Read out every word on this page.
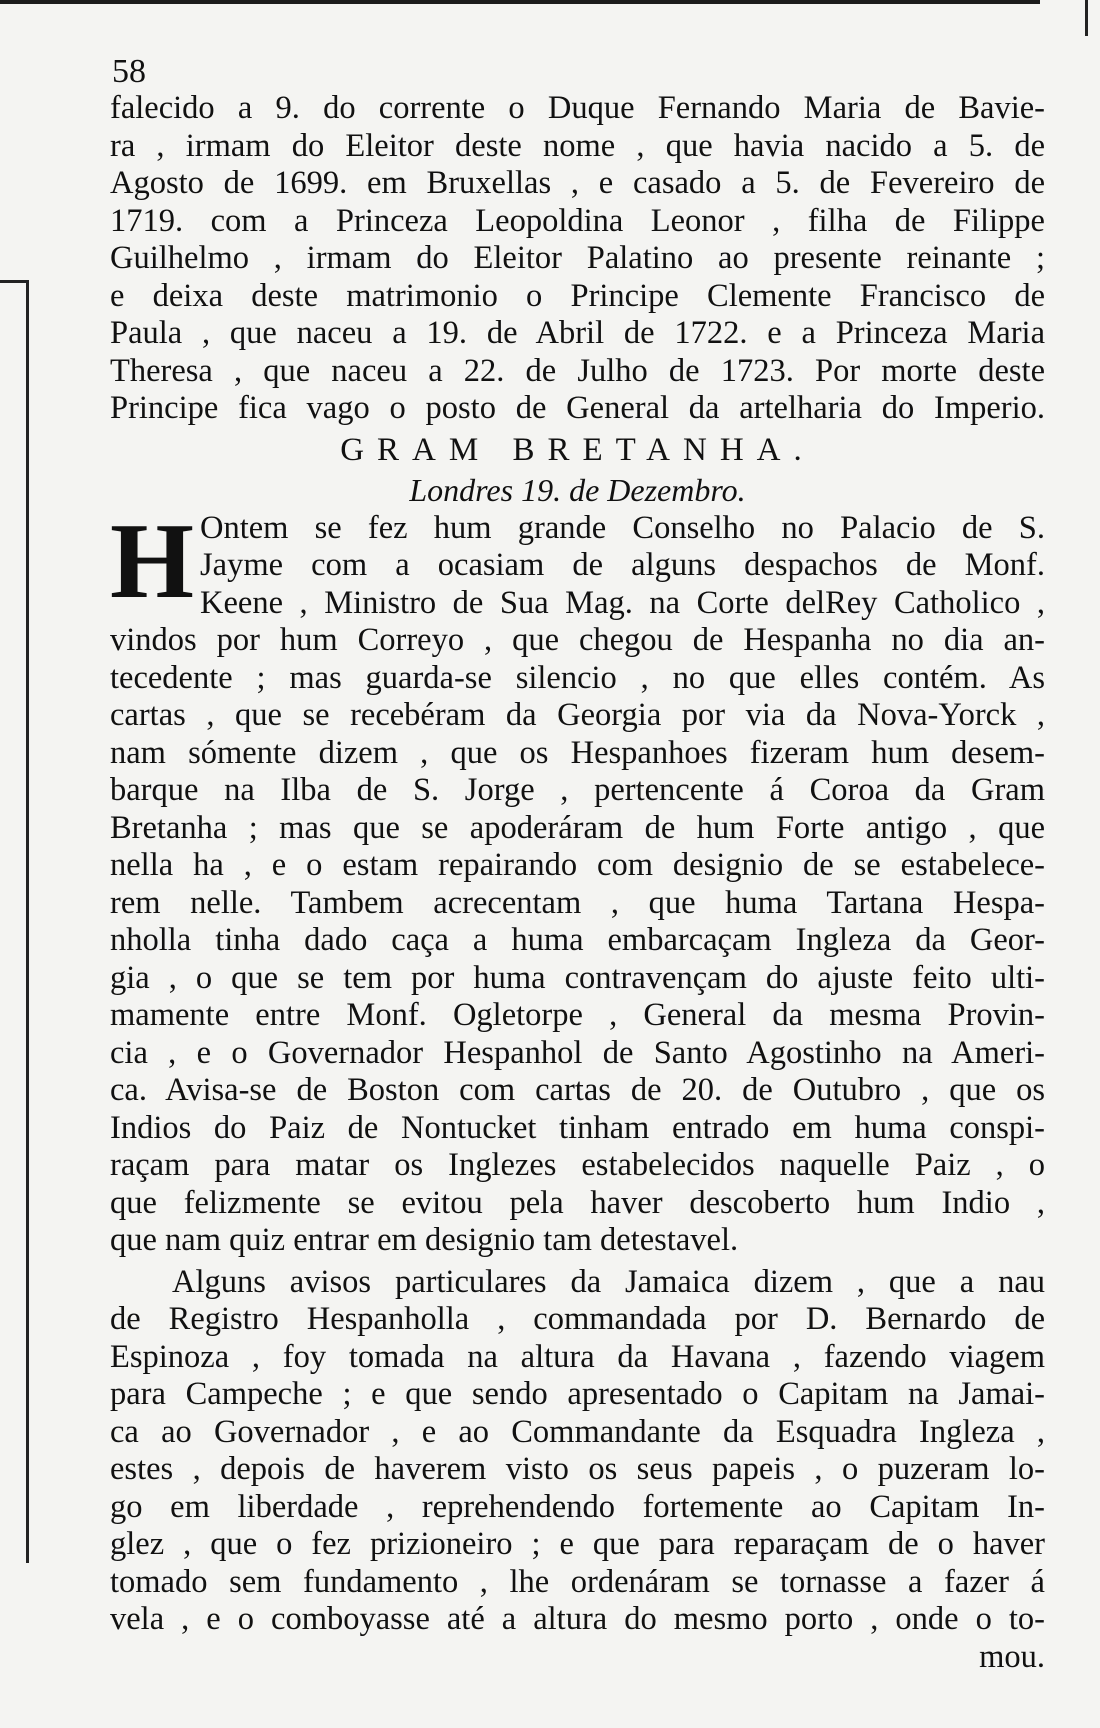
58
falecido a 9. do corrente o Duque Fernando Maria de Bavie-
ra , irmam do Eleitor deste nome , que havia nacido a 5. de
Agosto de 1699. em Bruxellas , e casado a 5. de Fevereiro de
1719. com a Princeza Leopoldina Leonor , filha de Filippe
Guilhelmo , irmam do Eleitor Palatino ao presente reinante ;
e deixa deste matrimonio o Principe Clemente Francisco de
Paula , que naceu a 19. de Abril de 1722. e a Princeza Maria
Theresa , que naceu a 22. de Julho de 1723. Por morte deste
Principe fica vago o posto de General da artelharia do Imperio.
GRAM BRETANHA.
Londres 19. de Dezembro.
H Ontem se fez hum grande Conselho no Palacio de S.
Jayme com a ocasiam de alguns despachos de Monf.
Keene , Ministro de Sua Mag. na Corte delRey Catholico ,
vindos por hum Correyo , que chegou de Hespanha no dia an-
tecedente ; mas guarda-se silencio , no que elles contém. As
cartas , que se recebéram da Georgia por via da Nova-Yorck ,
nam sómente dizem , que os Hespanhoes fizeram hum desem-
barque na Ilba de S. Jorge , pertencente á Coroa da Gram
Bretanha ; mas que se apoderáram de hum Forte antigo , que
nella ha , e o estam repairando com designio de se estabelece-
rem nelle. Tambem acrecentam , que huma Tartana Hespa-
nholla tinha dado caça a huma embarcaçam Ingleza da Geor-
gia , o que se tem por huma contravençam do ajuste feito ulti-
mamente entre Monf. Ogletorpe , General da mesma Provin-
cia , e o Governador Hespanhol de Santo Agostinho na Ameri-
ca. Avisa-se de Boston com cartas de 20. de Outubro , que os
Indios do Paiz de Nontucket tinham entrado em huma conspi-
raçam para matar os Inglezes estabelecidos naquelle Paiz , o
que felizmente se evitou pela haver descoberto hum Indio ,
que nam quiz entrar em designio tam detestavel.
Alguns avisos particulares da Jamaica dizem , que a nau
de Registro Hespanholla , commandada por D. Bernardo de
Espinoza , foy tomada na altura da Havana , fazendo viagem
para Campeche ; e que sendo apresentado o Capitam na Jamai-
ca ao Governador , e ao Commandante da Esquadra Ingleza ,
estes , depois de haverem visto os seus papeis , o puzeram lo-
go em liberdade , reprehendendo fortemente ao Capitam In-
glez , que o fez prizioneiro ; e que para reparaçam de o haver
tomado sem fundamento , lhe ordenáram se tornasse a fazer á
vela , e o comboyasse até a altura do mesmo porto , onde o to-
mou.
